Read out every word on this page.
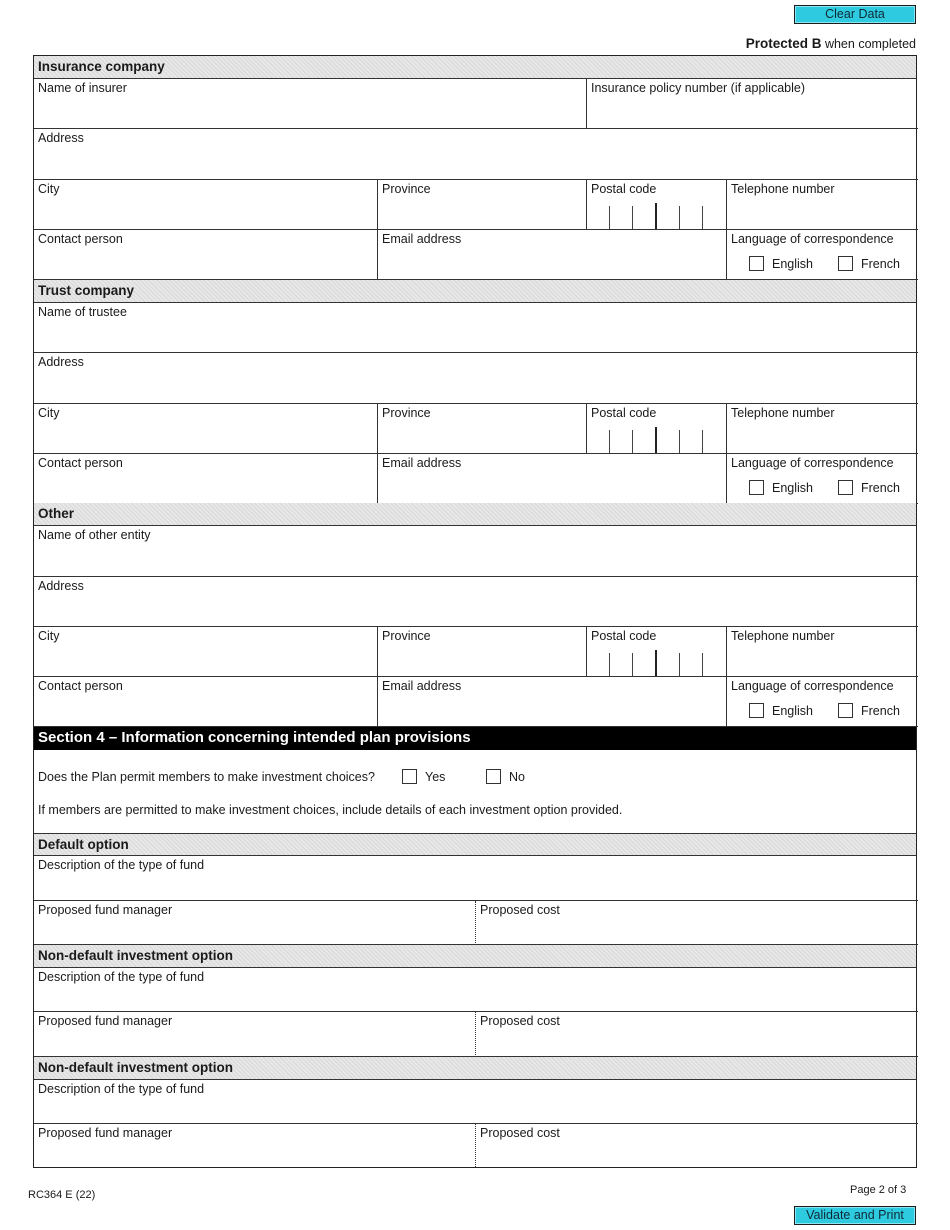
Clear Data
Protected B when completed
Insurance company
Name of insurer	Insurance policy number (if applicable)
Address
City	Province	Postal code	Telephone number
Contact person	Email address	Language of correspondence
English	French
Trust company
Name of trustee
Address
City	Province	Postal code	Telephone number
Contact person	Email address	Language of correspondence
English	French
Other
Name of other entity
Address
City	Province	Postal code	Telephone number
Contact person	Email address	Language of correspondence
English	French
Section 4 – Information concerning intended plan provisions
Does the Plan permit members to make investment choices?	Yes	No
If members are permitted to make investment choices, include details of each investment option provided.
Default option
Description of the type of fund
Proposed fund manager	Proposed cost
Non-default investment option
Description of the type of fund
Proposed fund manager	Proposed cost
Non-default investment option
Description of the type of fund
Proposed fund manager	Proposed cost
RC364 E (22)	Page 2 of 3
Validate and Print
